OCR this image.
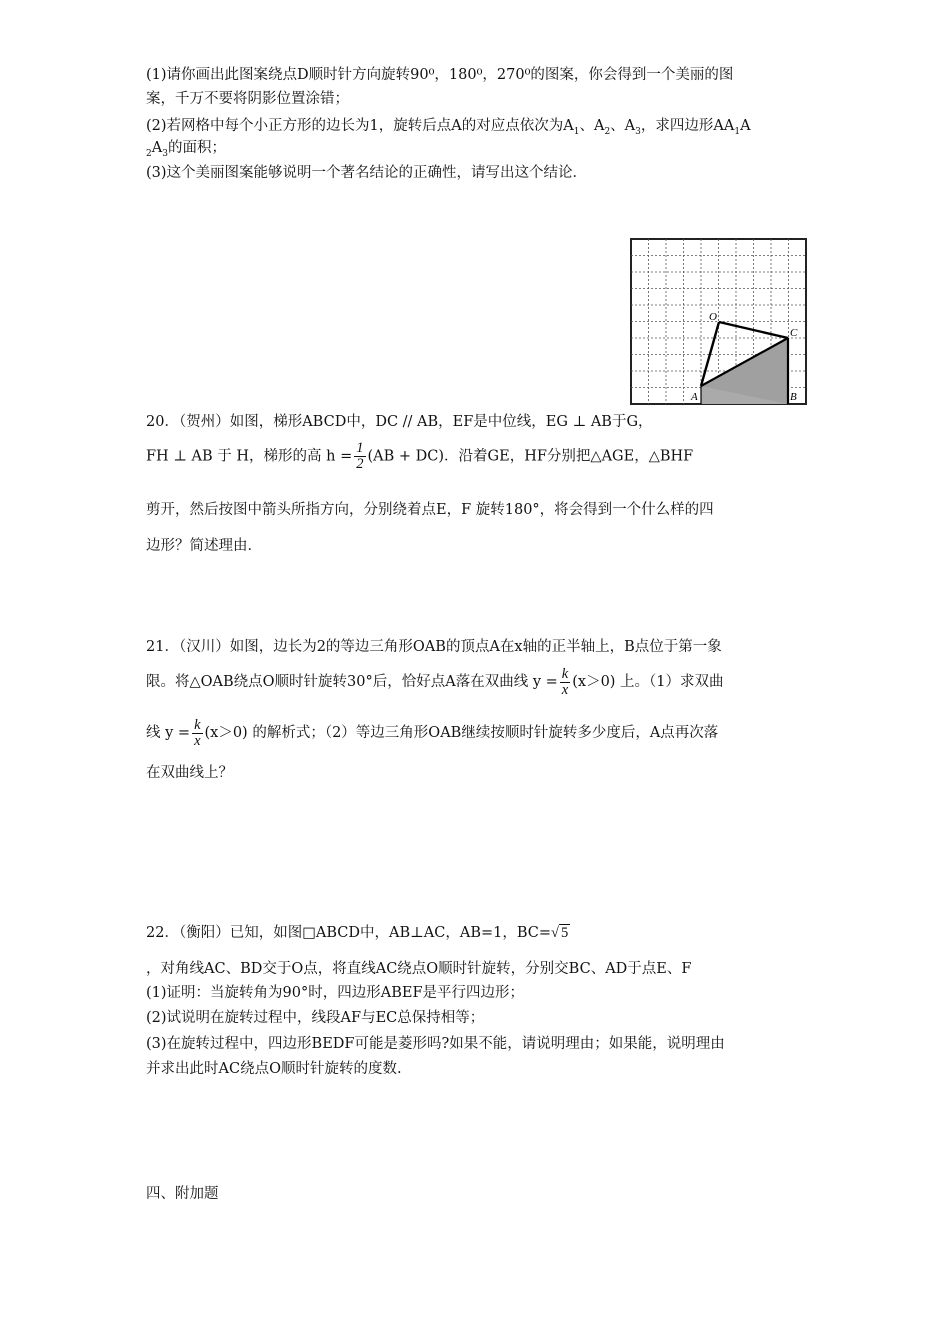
(1)请你画出此图案绕点D顺时针方向旋转90⁰，180⁰，270⁰的图案，你会得到一个美丽的图
案，千万不要将阴影位置涂错；
(2)若网格中每个小正方形的边长为1，旋转后点A的对应点依次为$A_1$、$A_2$、$A_3$，求四边形$AA_1A$
$_2A_3$的面积；
(3)这个美丽图案能够说明一个著名结论的正确性，请写出这个结论．
O
C
A	B
20．（贺州）如图，梯形ABCD中，DC // AB，EF是中位线，EG ⊥ AB于G，
FH ⊥ AB 于 H，梯形的高 $h = \frac{1}{2} (AB + DC)$．沿着GE，HF分别把△AGE，△BHF
剪开，然后按图中箭头所指方向，分别绕着点E，F 旋转180°，将会得到一个什么样的四
边形？简述理由．
21．（汉川）如图，边长为2的等边三角形OAB的顶点A在x轴的正半轴上，B点位于第一象
限。将△OAB绕点O顺时针旋转30°后，恰好点A落在双曲线 $y = \frac{k}{x} (x>0)$ 上。（1）求双曲
线 $y = \frac{k}{x} (x>0)$ 的解析式；（2）等边三角形OAB继续按顺时针旋转多少度后，A点再次落
在双曲线上？
22．（衡阳）已知，如图□ABCD中，AB⊥AC，AB=1，BC=√ 5
，对角线AC、BD交于O点，将直线AC绕点O顺时针旋转，分别交BC、AD于点E、F
(1)证明：当旋转角为90°时，四边形ABEF是平行四边形；
(2)试说明在旋转过程中，线段AF与EC总保持相等；
(3)在旋转过程中，四边形BEDF可能是菱形吗?如果不能，请说明理由；如果能，说明理由
并求出此时AC绕点O顺时针旋转的度数.
四、附加题
